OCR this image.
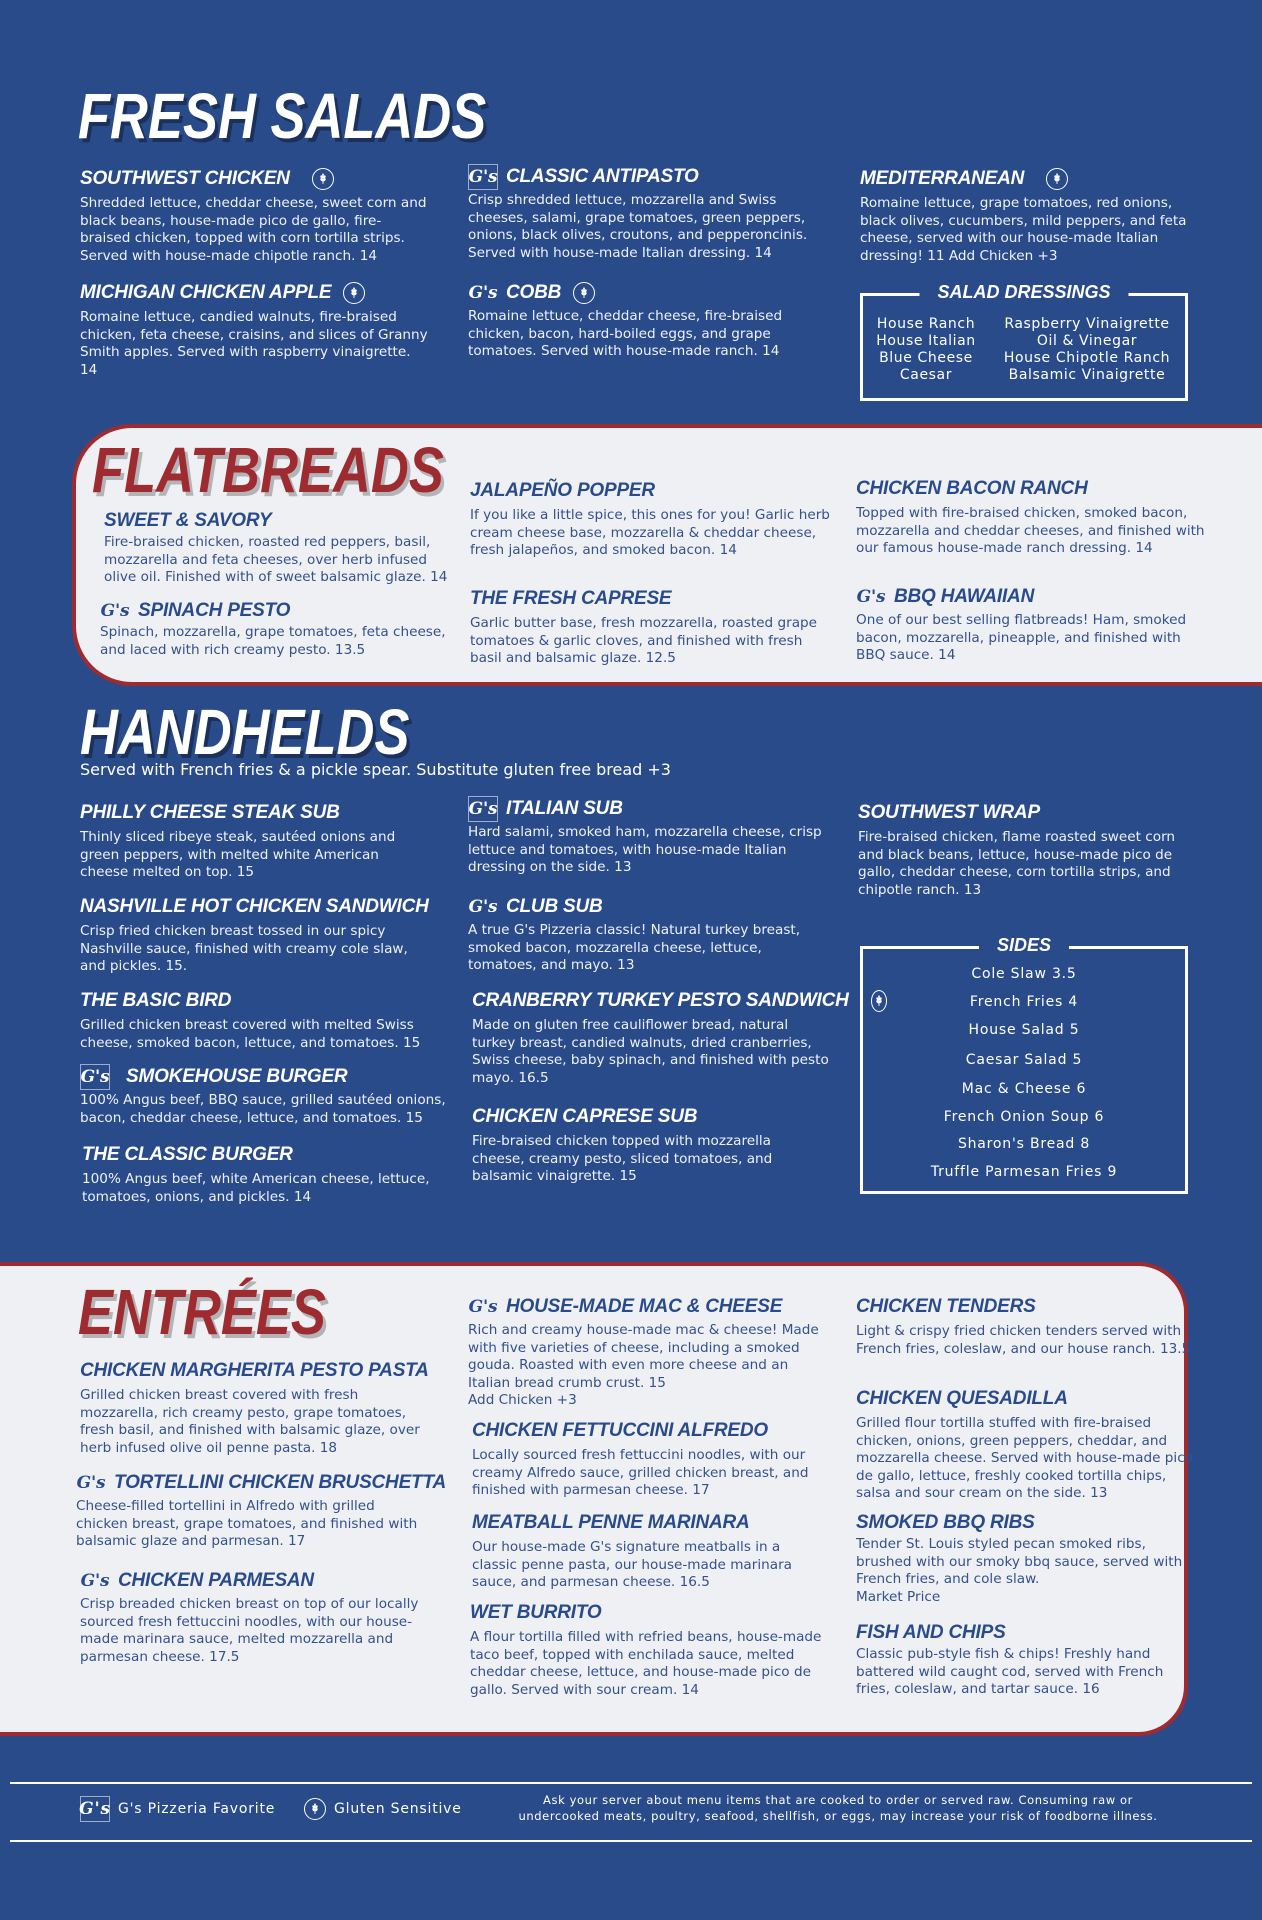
FRESH SALADS
SOUTHWEST CHICKEN
Shredded lettuce, cheddar cheese, sweet corn and black beans, house-made pico de gallo, fire-braised chicken, topped with corn tortilla strips. Served with house-made chipotle ranch. 14
G's CLASSIC ANTIPASTO
Crisp shredded lettuce, mozzarella and Swiss cheeses, salami, grape tomatoes, green peppers, onions, black olives, croutons, and pepperoncinis. Served with house-made Italian dressing. 14
MEDITERRANEAN
Romaine lettuce, grape tomatoes, red onions, black olives, cucumbers, mild peppers, and feta cheese, served with our house-made Italian dressing! 11 Add Chicken +3
MICHIGAN CHICKEN APPLE
Romaine lettuce, candied walnuts, fire-braised chicken, feta cheese, craisins, and slices of Granny Smith apples. Served with raspberry vinaigrette. 14
G's COBB
Romaine lettuce, cheddar cheese, fire-braised chicken, bacon, hard-boiled eggs, and grape tomatoes. Served with house-made ranch. 14
SALAD DRESSINGS
House Ranch
House Italian
Blue Cheese
Caesar
Raspberry Vinaigrette
Oil & Vinegar
House Chipotle Ranch
Balsamic Vinaigrette
FLATBREADS
SWEET & SAVORY
Fire-braised chicken, roasted red peppers, basil, mozzarella and feta cheeses, over herb infused olive oil. Finished with of sweet balsamic glaze. 14
G's SPINACH PESTO
Spinach, mozzarella, grape tomatoes, feta cheese, and laced with rich creamy pesto. 13.5
JALAPEÑO POPPER
If you like a little spice, this ones for you! Garlic herb cream cheese base, mozzarella & cheddar cheese, fresh jalapeños, and smoked bacon. 14
THE FRESH CAPRESE
Garlic butter base, fresh mozzarella, roasted grape tomatoes & garlic cloves, and finished with fresh basil and balsamic glaze. 12.5
CHICKEN BACON RANCH
Topped with fire-braised chicken, smoked bacon, mozzarella and cheddar cheeses, and finished with our famous house-made ranch dressing. 14
G's BBQ HAWAIIAN
One of our best selling flatbreads! Ham, smoked bacon, mozzarella, pineapple, and finished with BBQ sauce. 14
HANDHELDS
Served with French fries & a pickle spear. Substitute gluten free bread +3
PHILLY CHEESE STEAK SUB
Thinly sliced ribeye steak, sautéed onions and green peppers, with melted white American cheese melted on top. 15
NASHVILLE HOT CHICKEN SANDWICH
Crisp fried chicken breast tossed in our spicy Nashville sauce, finished with creamy cole slaw, and pickles. 15.
THE BASIC BIRD
Grilled chicken breast covered with melted Swiss cheese, smoked bacon, lettuce, and tomatoes. 15
G's SMOKEHOUSE BURGER
100% Angus beef, BBQ sauce, grilled sautéed onions, bacon, cheddar cheese, lettuce, and tomatoes. 15
THE CLASSIC BURGER
100% Angus beef, white American cheese, lettuce, tomatoes, onions, and pickles. 14
G's ITALIAN SUB
Hard salami, smoked ham, mozzarella cheese, crisp lettuce and tomatoes, with house-made Italian dressing on the side. 13
G's CLUB SUB
A true G's Pizzeria classic! Natural turkey breast, smoked bacon, mozzarella cheese, lettuce, tomatoes, and mayo. 13
CRANBERRY TURKEY PESTO SANDWICH
Made on gluten free cauliflower bread, natural turkey breast, candied walnuts, dried cranberries, Swiss cheese, baby spinach, and finished with pesto mayo. 16.5
CHICKEN CAPRESE SUB
Fire-braised chicken topped with mozzarella cheese, creamy pesto, sliced tomatoes, and balsamic vinaigrette. 15
SOUTHWEST WRAP
Fire-braised chicken, flame roasted sweet corn and black beans, lettuce, house-made pico de gallo, cheddar cheese, corn tortilla strips, and chipotle ranch. 13
SIDES
Cole Slaw 3.5
French Fries 4
House Salad 5
Caesar Salad 5
Mac & Cheese 6
French Onion Soup 6
Sharon's Bread 8
Truffle Parmesan Fries 9
ENTRÉES
CHICKEN MARGHERITA PESTO PASTA
Grilled chicken breast covered with fresh mozzarella, rich creamy pesto, grape tomatoes, fresh basil, and finished with balsamic glaze, over herb infused olive oil penne pasta. 18
G's TORTELLINI CHICKEN BRUSCHETTA
Cheese-filled tortellini in Alfredo with grilled chicken breast, grape tomatoes, and finished with balsamic glaze and parmesan. 17
G's CHICKEN PARMESAN
Crisp breaded chicken breast on top of our locally sourced fresh fettuccini noodles, with our house-made marinara sauce, melted mozzarella and parmesan cheese. 17.5
G's HOUSE-MADE MAC & CHEESE
Rich and creamy house-made mac & cheese! Made with five varieties of cheese, including a smoked gouda. Roasted with even more cheese and an Italian bread crumb crust. 15
Add Chicken +3
CHICKEN FETTUCCINI ALFREDO
Locally sourced fresh fettuccini noodles, with our creamy Alfredo sauce, grilled chicken breast, and finished with parmesan cheese. 17
MEATBALL PENNE MARINARA
Our house-made G's signature meatballs in a classic penne pasta, our house-made marinara sauce, and parmesan cheese. 16.5
WET BURRITO
A flour tortilla filled with refried beans, house-made taco beef, topped with enchilada sauce, melted cheddar cheese, lettuce, and house-made pico de gallo. Served with sour cream. 14
CHICKEN TENDERS
Light & crispy fried chicken tenders served with French fries, coleslaw, and our house ranch. 13.5
CHICKEN QUESADILLA
Grilled flour tortilla stuffed with fire-braised chicken, onions, green peppers, cheddar, and mozzarella cheese. Served with house-made pico de gallo, lettuce, freshly cooked tortilla chips, salsa and sour cream on the side. 13
SMOKED BBQ RIBS
Tender St. Louis styled pecan smoked ribs, brushed with our smoky bbq sauce, served with French fries, and cole slaw.
Market Price
FISH AND CHIPS
Classic pub-style fish & chips! Freshly hand battered wild caught cod, served with French fries, coleslaw, and tartar sauce. 16
G's G's Pizzeria Favorite	Gluten Sensitive
Ask your server about menu items that are cooked to order or served raw. Consuming raw or
undercooked meats, poultry, seafood, shellfish, or eggs, may increase your risk of foodborne illness.
